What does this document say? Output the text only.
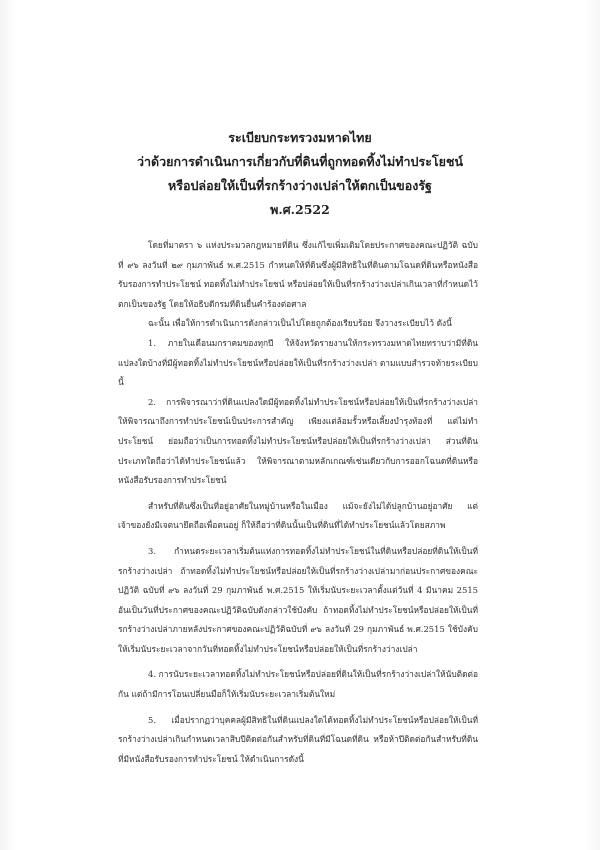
ระเบียบกระทรวงมหาดไทย
ว่าด้วยการดำเนินการเกี่ยวกับที่ดินที่ถูกทอดทิ้งไม่ทำประโยชน์
หรือปล่อยให้เป็นที่รกร้างว่างเปล่าให้ตกเป็นของรัฐ
พ.ศ.2522

โดยที่มาตรา ๖ แห่งประมวลกฎหมายที่ดิน ซึ่งแก้ไขเพิ่มเติมโดยประกาศของคณะปฏิวัติ ฉบับที่ ๙๖ ลงวันที่ ๒๙ กุมภาพันธ์ พ.ศ.2515 กำหนดให้ที่ดินซึ่งผู้มีสิทธิในที่ดินตามโฉนดที่ดินหรือหนังสือรับรองการทำประโยชน์ ทอดทิ้งไม่ทำประโยชน์ หรือปล่อยให้เป็นที่รกร้างว่างเปล่าเกินเวลาที่กำหนดไว้ ตกเป็นของรัฐ โดยให้อธิบดีกรมที่ดินยื่นคำร้องต่อศาล

ฉะนั้น เพื่อให้การดำเนินการดังกล่าวเป็นไปโดยถูกต้องเรียบร้อย จึงวางระเบียบไว้ ดังนี้

1. ภายในเดือนมกราคมของทุกปี ให้จังหวัดรายงานให้กระทรวงมหาดไทยทราบว่ามีที่ดินแปลงใดบ้างที่มีผู้ทอดทิ้งไม่ทำประโยชน์หรือปล่อยให้เป็นที่รกร้างว่างเปล่า ตามแบบสำรวจท้ายระเบียบนี้

2. การพิจารณาว่าที่ดินแปลงใดมีผู้ทอดทิ้งไม่ทำประโยชน์หรือปล่อยให้เป็นที่รกร้างว่างเปล่า ให้พิจารณาถึงการทำประโยชน์เป็นประการสำคัญ เพียงแต่ล้อมรั้วหรือเลี้ยงบำรุงท้องที่ แต่ไม่ทำประโยชน์ ย่อมถือว่าเป็นการทอดทิ้งไม่ทำประโยชน์หรือปล่อยให้เป็นที่รกร้างว่างเปล่า ส่วนที่ดินประเภทใดถือว่าได้ทำประโยชน์แล้ว ให้พิจารณาตามหลักเกณฑ์เช่นเดียวกับการออกโฉนดที่ดินหรือหนังสือรับรองการทำประโยชน์

สำหรับที่ดินซึ่งเป็นที่อยู่อาศัยในหมู่บ้านหรือในเมือง แม้จะยังไม่ได้ปลูกบ้านอยู่อาศัย แต่เจ้าของยังมีเจตนายึดถือเพื่อตนอยู่ ก็ให้ถือว่าที่ดินนั้นเป็นที่ดินที่ได้ทำประโยชน์แล้วโดยสภาพ

3. กำหนดระยะเวลาเริ่มต้นแห่งการทอดทิ้งไม่ทำประโยชน์ในที่ดินหรือปล่อยที่ดินให้เป็นที่รกร้างว่างเปล่า ถ้าทอดทิ้งไม่ทำประโยชน์หรือปล่อยให้เป็นที่รกร้างว่างเปล่ามาก่อนประกาศของคณะปฏิวัติ ฉบับที่ ๙๖ ลงวันที่ 29 กุมภาพันธ์ พ.ศ.2515 ให้เริ่มนับระยะเวลาตั้งแต่วันที่ 4 มีนาคม 2515 อันเป็นวันที่ประกาศของคณะปฏิวัติฉบับดังกล่าวใช้บังคับ ถ้าทอดทิ้งไม่ทำประโยชน์หรือปล่อยให้เป็นที่รกร้างว่างเปล่าภายหลังประกาศของคณะปฏิวัติฉบับที่ ๙๖ ลงวันที่ 29 กุมภาพันธ์ พ.ศ.2515 ใช้บังคับ ให้เริ่มนับระยะเวลาจากวันที่ทอดทิ้งไม่ทำประโยชน์หรือปล่อยให้เป็นที่รกร้างว่างเปล่า

4. การนับระยะเวลาทอดทิ้งไม่ทำประโยชน์หรือปล่อยที่ดินให้เป็นที่รกร้างว่างเปล่าให้นับติดต่อกัน แต่ถ้ามีการโอนเปลี่ยนมือก็ให้เริ่มนับระยะเวลาเริ่มต้นใหม่

5. เมื่อปรากฏว่าบุคคลผู้มีสิทธิในที่ดินแปลงใดได้ทอดทิ้งไม่ทำประโยชน์หรือปล่อยให้เป็นที่รกร้างว่างเปล่าเกินกำหนดเวลาสิบปีติดต่อกันสำหรับที่ดินที่มีโฉนดที่ดิน หรือห้าปีติดต่อกันสำหรับที่ดินที่มีหนังสือรับรองการทำประโยชน์ ให้ดำเนินการดังนี้
